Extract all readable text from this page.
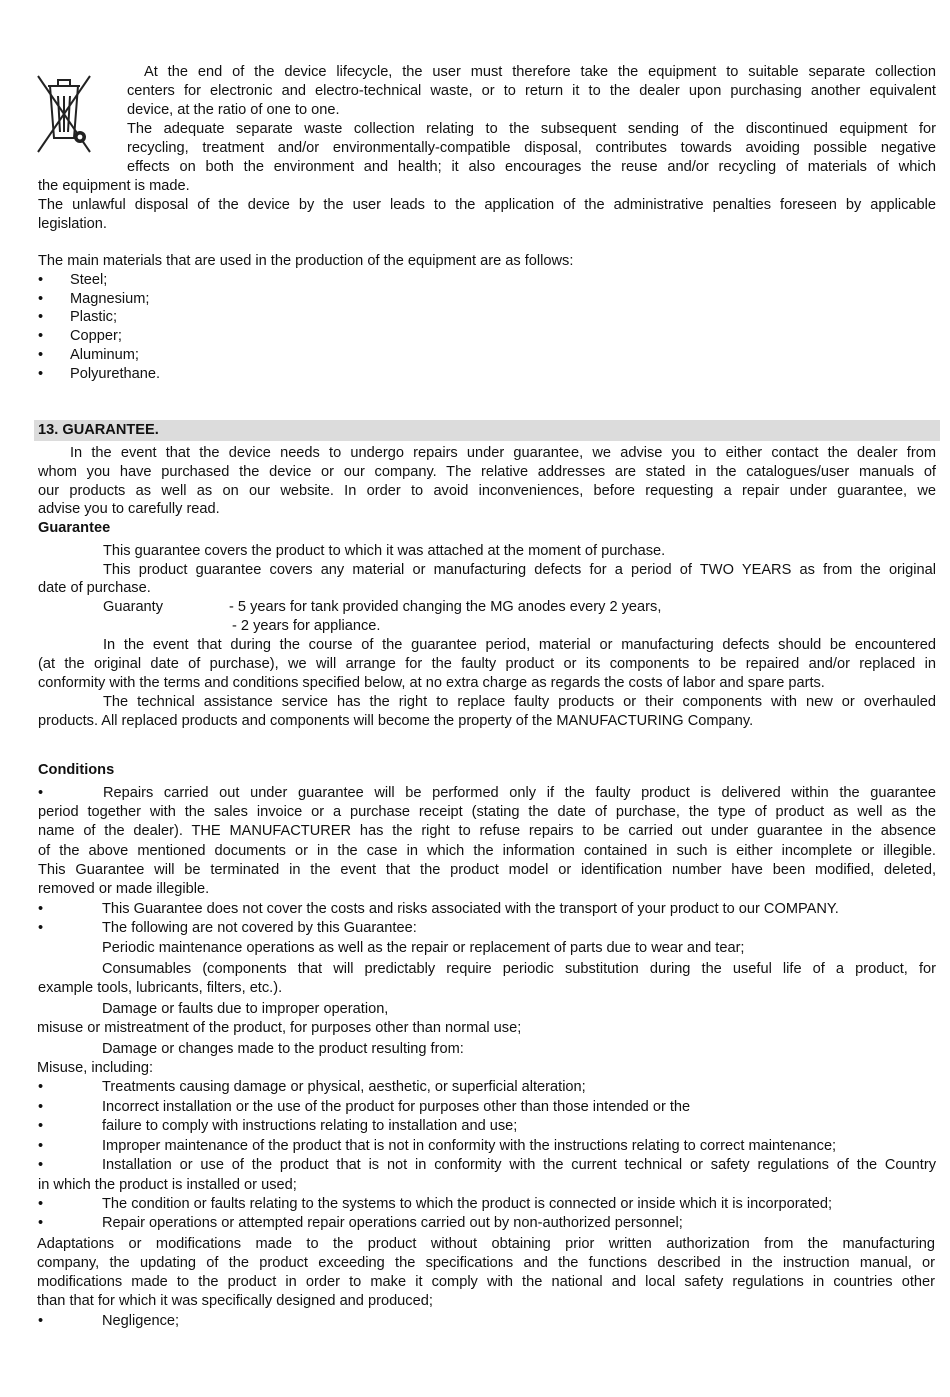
At the end of the device lifecycle, the user must therefore take the equipment to suitable separate collection
centers for electronic and electro-technical waste, or to return it to the dealer upon purchasing another equivalent
device, at the ratio of one to one.
The adequate separate waste collection relating to the subsequent sending of the discontinued equipment for
recycling, treatment and/or environmentally-compatible disposal, contributes towards avoiding possible negative
effects on both the environment and health; it also encourages the reuse and/or recycling of materials of which
the equipment is made.
The unlawful disposal of the device by the user leads to the application of the administrative penalties foreseen by applicable
legislation.
The main materials that are used in the production of the equipment are as follows:
• Steel;
• Magnesium;
• Plastic;
• Copper;
• Aluminum;
• Polyurethane.
13. GUARANTEE.
In the event that the device needs to undergo repairs under guarantee, we advise you to either contact the dealer from
whom you have purchased the device or our company. The relative addresses are stated in the catalogues/user manuals of
our products as well as on our website. In order to avoid inconveniences, before requesting a repair under guarantee, we
advise you to carefully read.
Guarantee
This guarantee covers the product to which it was attached at the moment of purchase.
This product guarantee covers any material or manufacturing defects for a period of TWO YEARS as from the original
date of purchase.
Guaranty	- 5 years for tank provided changing the MG anodes every 2 years,
- 2 years for appliance.
In the event that during the course of the guarantee period, material or manufacturing defects should be encountered
(at the original date of purchase), we will arrange for the faulty product or its components to be repaired and/or replaced in
conformity with the terms and conditions specified below, at no extra charge as regards the costs of labor and spare parts.
The technical assistance service has the right to replace faulty products or their components with new or overhauled
products. All replaced products and components will become the property of the MANUFACTURING Company.
Conditions
•	Repairs carried out under guarantee will be performed only if the faulty product is delivered within the guarantee
period together with the sales invoice or a purchase receipt (stating the date of purchase, the type of product as well as the
name of the dealer). THE MANUFACTURER has the right to refuse repairs to be carried out under guarantee in the absence
of the above mentioned documents or in the case in which the information contained in such is either incomplete or illegible.
This Guarantee will be terminated in the event that the product model or identification number have been modified, deleted,
removed or made illegible.
•	This Guarantee does not cover the costs and risks associated with the transport of your product to our COMPANY.
•	The following are not covered by this Guarantee:
Periodic maintenance operations as well as the repair or replacement of parts due to wear and tear;
Consumables (components that will predictably require periodic substitution during the useful life of a product, for
example tools, lubricants, filters, etc.).
Damage or faults due to improper operation,
misuse or mistreatment of the product, for purposes other than normal use;
Damage or changes made to the product resulting from:
Misuse, including:
•	Treatments causing damage or physical, aesthetic, or superficial alteration;
•	Incorrect installation or the use of the product for purposes other than those intended or the
•	failure to comply with instructions relating to installation and use;
•	Improper maintenance of the product that is not in conformity with the instructions relating to correct maintenance;
•	Installation or use of the product that is not in conformity with the current technical or safety regulations of the Country
in which the product is installed or used;
•	The condition or faults relating to the systems to which the product is connected or inside which it is incorporated;
•	Repair operations or attempted repair operations carried out by non-authorized personnel;
Adaptations or modifications made to the product without obtaining prior written authorization from the manufacturing
company, the updating of the product exceeding the specifications and the functions described in the instruction manual, or
modifications made to the product in order to make it comply with the national and local safety regulations in countries other
than that for which it was specifically designed and produced;
•	Negligence;
